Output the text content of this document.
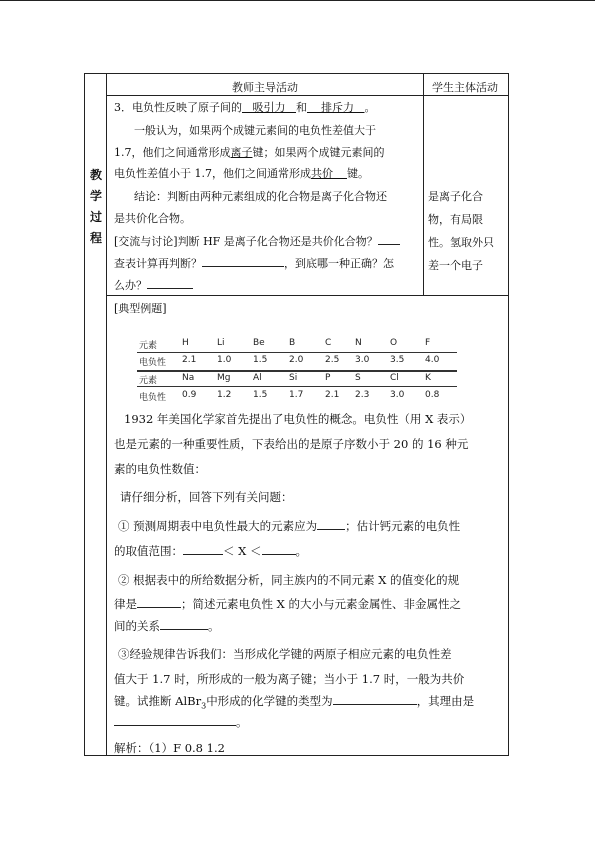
教师主导活动	学生主体活动
教
学
过
程
3．电负性反映了原子间的 吸引力 和 排斥力 。
一般认为，如果两个成键元素间的电负性差值大于
1.7，他们之间通常形成离子键；如果两个成键元素间的
电负性差值小于 1.7，他们之间通常形成共价 键。
结论：判断由两种元素组成的化合物是离子化合物还
是共价化合物。
[交流与讨论]判断 HF 是离子化合物还是共价化合物？
查表计算再判断？	，到底哪一种正确？怎
么办？
是离子化合
物，有局限
性。氢取外只
差一个电子
[典型例题]
元素	H	Li	Be	B	C	N	O	F
电负性 2.1 1.0 1.5 2.0 2.5 3.0 3.5 4.0
元素	Na	Mg	Al	Si	P	S	Cl	K
电负性 0.9 1.2 1.5 1.7 2.1 2.3 3.0 0.8
1932 年美国化学家首先提出了电负性的概念。电负性（用 X 表示）
也是元素的一种重要性质，下表给出的是原子序数小于 20 的 16 种元
素的电负性数值：
请仔细分析，回答下列有关问题：
① 预测周期表中电负性最大的元素应为 ；估计钙元素的电负性
的取值范围：	＜ X ＜	。
② 根据表中的所给数据分析，同主族内的不同元素 X 的值变化的规
律是	；简述元素电负性 X 的大小与元素金属性、非金属性之
间的关系	。
③经验规律告诉我们：当形成化学键的两原子相应元素的电负性差
值大于 1.7 时，所形成的一般为离子键；当小于 1.7 时，一般为共价
键。试推断 AlBr$_3$中形成的化学键的类型为	，其理由是
。
解析：（1）F 0.8 1.2
